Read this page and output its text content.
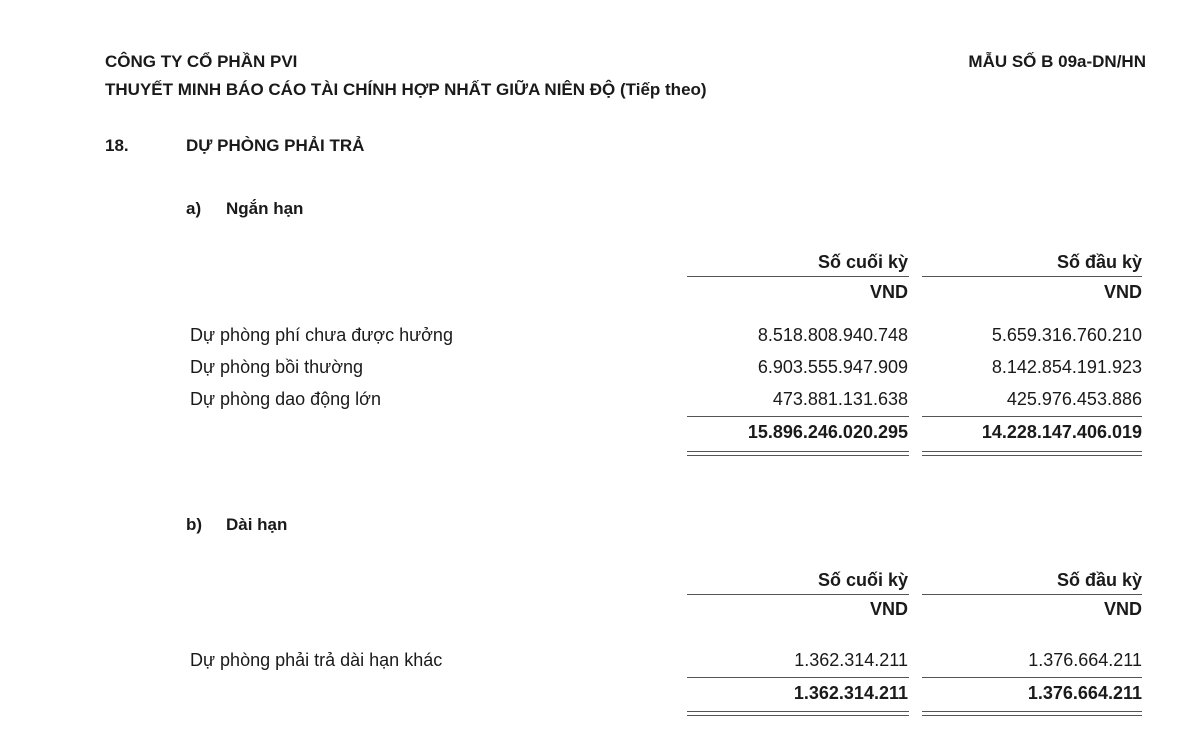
CÔNG TY CỔ PHẦN PVI	MẪU SỐ B 09a-DN/HN
THUYẾT MINH BÁO CÁO TÀI CHÍNH HỢP NHẤT GIỮA NIÊN ĐỘ (Tiếp theo)
18.	DỰ PHÒNG PHẢI TRẢ
a) Ngắn hạn
Số cuối kỳ	Số đầu kỳ
VND	VND
Dự phòng phí chưa được hưởng	8.518.808.940.748	5.659.316.760.210
Dự phòng bồi thường	6.903.555.947.909	8.142.854.191.923
Dự phòng dao động lớn	473.881.131.638	425.976.453.886
15.896.246.020.295	14.228.147.406.019
b) Dài hạn
Số cuối kỳ	Số đầu kỳ
VND	VND
Dự phòng phải trả dài hạn khác	1.362.314.211	1.376.664.211
1.362.314.211	1.376.664.211
